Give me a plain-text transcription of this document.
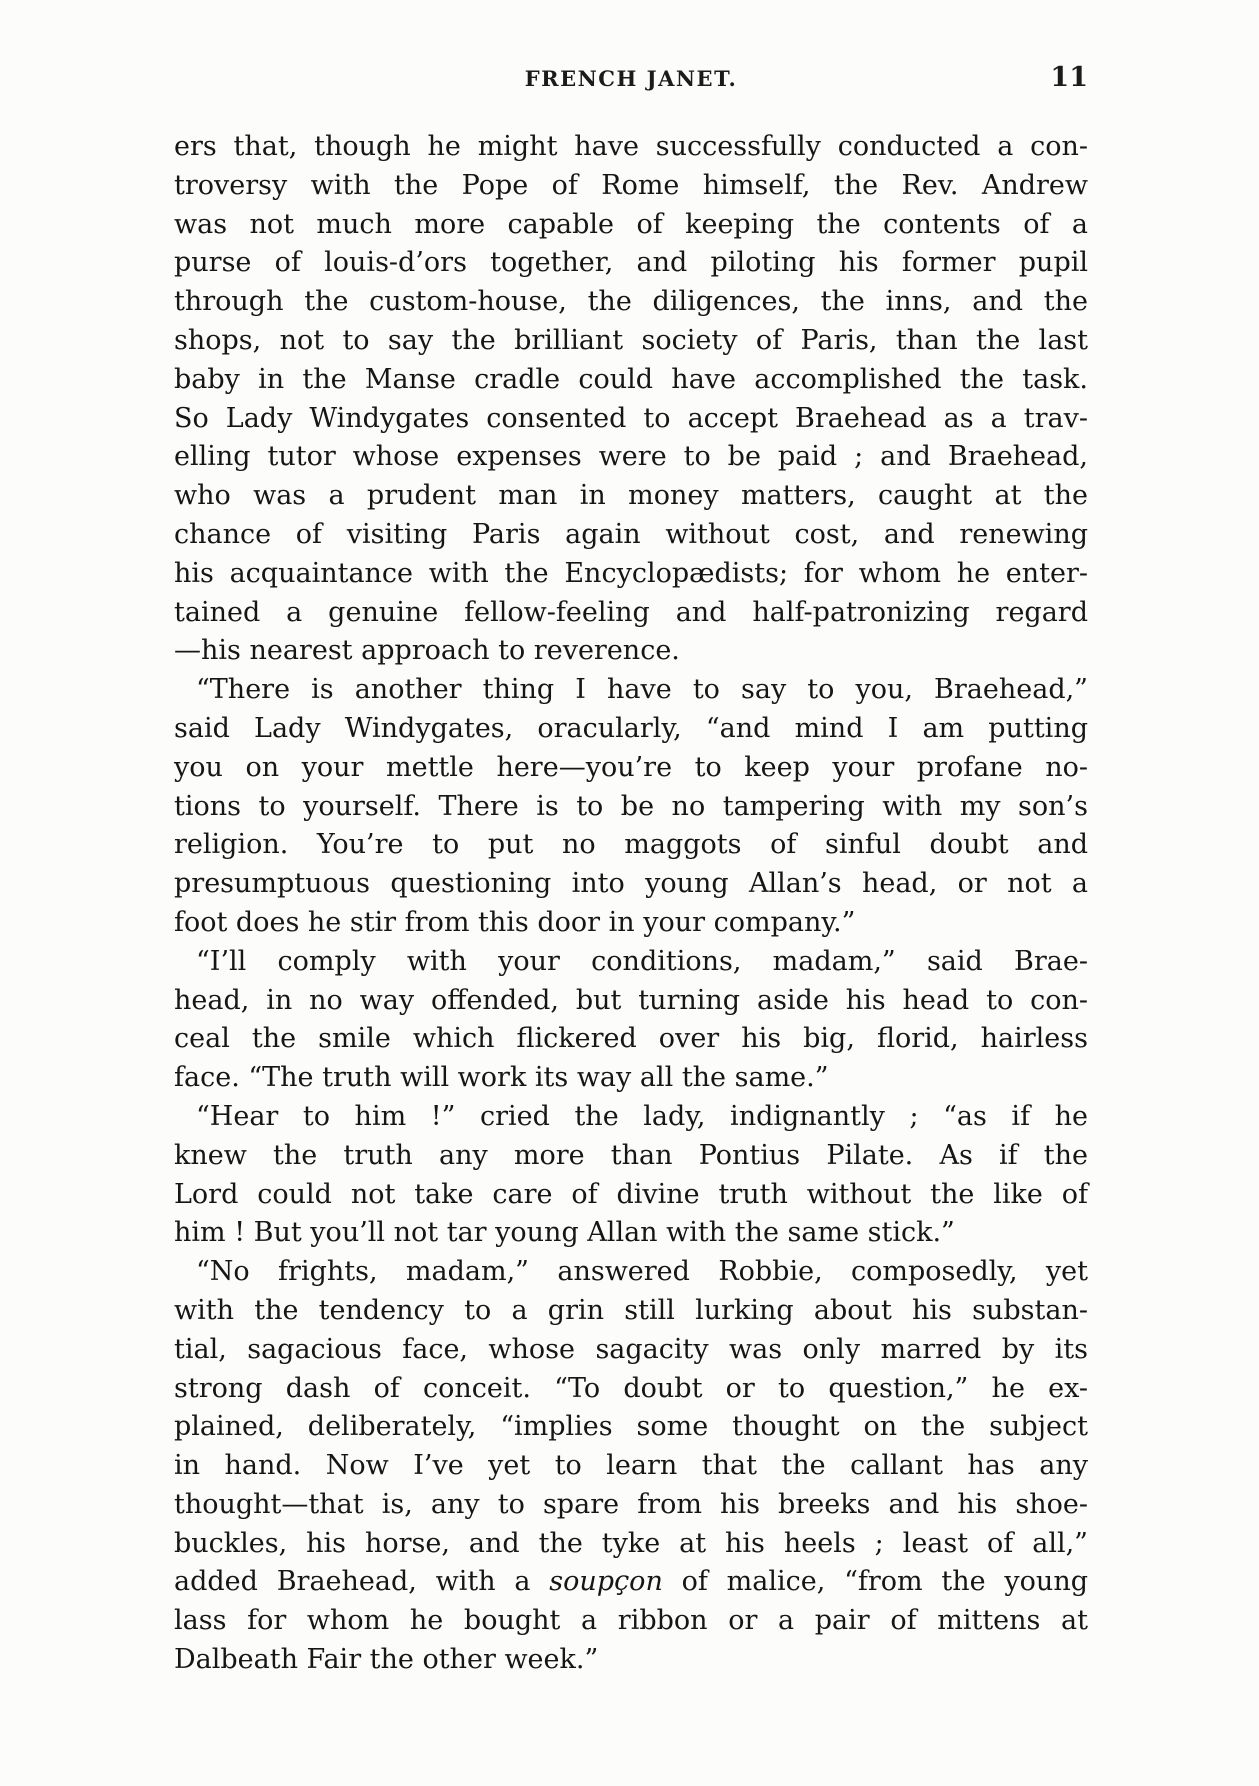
FRENCH JANET.	11
ers that, though he might have successfully conducted a con-
troversy with the Pope of Rome himself, the Rev. Andrew
was not much more capable of keeping the contents of a
purse of louis-d’ors together, and piloting his former pupil
through the custom-house, the diligences, the inns, and the
shops, not to say the brilliant society of Paris, than the last
baby in the Manse cradle could have accomplished the task.
So Lady Windygates consented to accept Braehead as a trav-
elling tutor whose expenses were to be paid ; and Braehead,
who was a prudent man in money matters, caught at the
chance of visiting Paris again without cost, and renewing
his acquaintance with the Encyclopædists; for whom he enter-
tained a genuine fellow-feeling and half-patronizing regard
—his nearest approach to reverence.
“There is another thing I have to say to you, Braehead,”
said Lady Windygates, oracularly, “and mind I am putting
you on your mettle here—you’re to keep your profane no-
tions to yourself. There is to be no tampering with my son’s
religion. You’re to put no maggots of sinful doubt and
presumptuous questioning into young Allan’s head, or not a
foot does he stir from this door in your company.”
“I’ll comply with your conditions, madam,” said Brae-
head, in no way offended, but turning aside his head to con-
ceal the smile which flickered over his big, florid, hairless
face. “The truth will work its way all the same.”
“Hear to him !” cried the lady, indignantly ; “as if he
knew the truth any more than Pontius Pilate. As if the
Lord could not take care of divine truth without the like of
him ! But you’ll not tar young Allan with the same stick.”
“No frights, madam,” answered Robbie, composedly, yet
with the tendency to a grin still lurking about his substan-
tial, sagacious face, whose sagacity was only marred by its
strong dash of conceit. “To doubt or to question,” he ex-
plained, deliberately, “implies some thought on the subject
in hand. Now I’ve yet to learn that the callant has any
thought—that is, any to spare from his breeks and his shoe-
buckles, his horse, and the tyke at his heels ; least of all,”
added Braehead, with a soupçon of malice, “from the young
lass for whom he bought a ribbon or a pair of mittens at
Dalbeath Fair the other week.”
